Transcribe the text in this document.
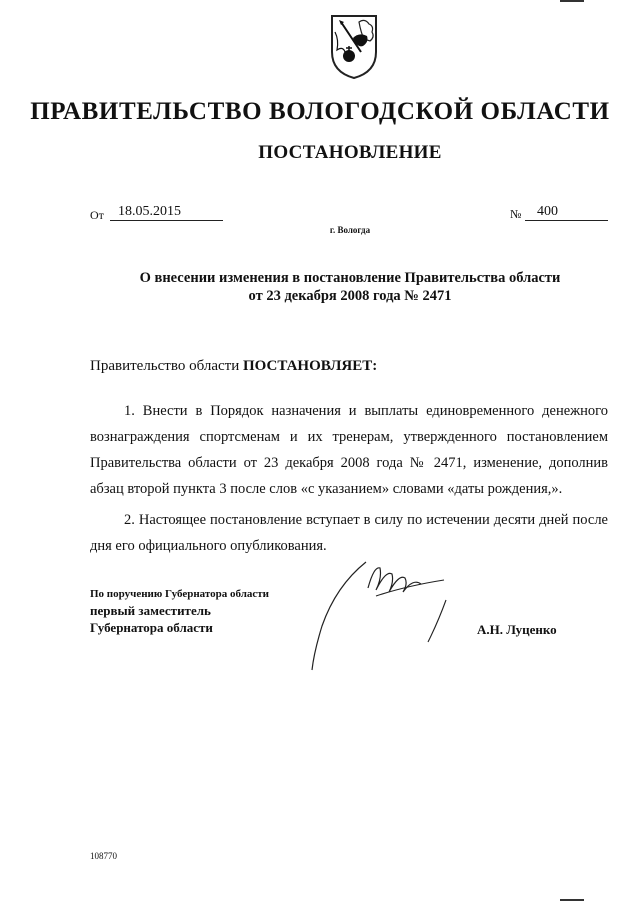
ПРАВИТЕЛЬСТВО ВОЛОГОДСКОЙ ОБЛАСТИ
ПОСТАНОВЛЕНИЕ
От	18.05.2015	№	400
г. Вологда
О внесении изменения в постановление Правительства области
от 23 декабря 2008 года № 2471
Правительство области ПОСТАНОВЛЯЕТ:
1. Внести в Порядок назначения и выплаты единовременного денежного вознаграждения спортсменам и их тренерам, утвержденного постановлением Правительства области от 23 декабря 2008 года № 2471, изменение, дополнив абзац второй пункта 3 после слов «с указанием» словами «даты рождения,».
2. Настоящее постановление вступает в силу по истечении десяти дней после дня его официального опубликования.
По поручению Губернатора области
первый заместитель
Губернатора области	А.Н. Луценко
108770
